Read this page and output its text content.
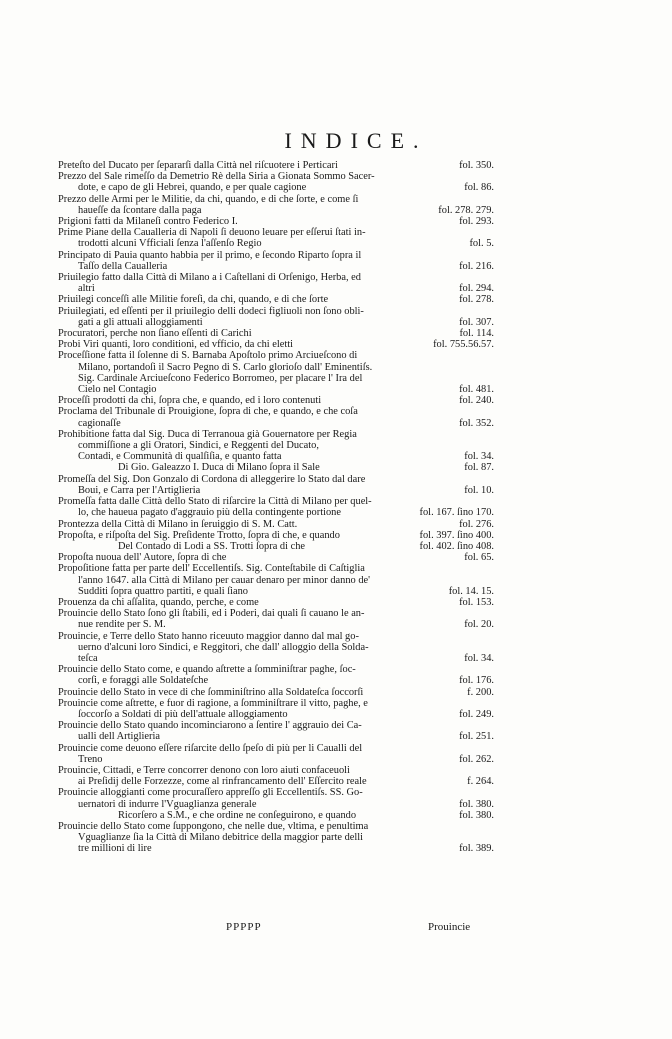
INDICE.
Preteſto del Ducato per ſepararſi dalla Città nel riſcuotere i Perticari	fol. 350.
Prezzo del Sale rimeſſo da Demetrio Rè della Siria a Gionata Sommo Sacer-
dote, e capo de gli Hebrei, quando, e per quale cagione	fol. 86.
Prezzo delle Armi per le Militie, da chi, quando, e di che ſorte, e come ſi
haueſſe da ſcontare dalla paga	fol. 278. 279.
Prigioni fatti da Milaneſi contro Federico I.	fol. 293.
Prime Piane della Caualleria di Napoli ſi deuono leuare per eſſerui ſtati in-
trodotti alcuni Vfficiali ſenza l'aſſenſo Regio	fol. 5.
Principato di Pauia quanto habbia per il primo, e ſecondo Riparto ſopra il
Taſſo della Caualleria	fol. 216.
Priuilegio fatto dalla Città di Milano a i Caſtellani di Orſenigo, Herba, ed
altri	fol. 294.
Priuilegi conceſſi alle Militie foreſi, da chi, quando, e di che ſorte	fol. 278.
Priuilegiati, ed eſſenti per il priuilegio delli dodeci figliuoli non ſono obli-
gati a gli attuali alloggiamenti	fol. 307.
Procuratori, perche non ſiano eſſenti di Carichi	fol. 114.
Probi Viri quanti, loro conditioni, ed vfficio, da chi eletti	fol. 755.56.57.
Proceſſione fatta il ſolenne di S. Barnaba Apoſtolo primo Arciueſcono di
Milano, portandoſi il Sacro Pegno di S. Carlo glorioſo dall' Eminentiſs.
Sig. Cardinale Arciueſcono Federico Borromeo, per placare l' Ira del
Cielo nel Contagio	fol. 481.
Proceſſi prodotti da chi, ſopra che, e quando, ed i loro contenuti	fol. 240.
Proclama del Tribunale di Prouigione, ſopra di che, e quando, e che coſa
cagionaſſe	fol. 352.
Prohibitione fatta dal Sig. Duca di Terranoua già Gouernatore per Regia
commiſſione a gli Oratori, Sindici, e Reggenti del Ducato,
Contadi, e Communità di qualſiſia, e quanto fatta	fol. 34.
Di Gio. Galeazzo I. Duca di Milano ſopra il Sale	fol. 87.
Promeſſa del Sig. Don Gonzalo di Cordona di alleggerire lo Stato dal dare
Boui, e Carra per l'Artiglieria	fol. 10.
Promeſſa fatta dalle Città dello Stato di riſarcire la Città di Milano per quel-
lo, che haueua pagato d'aggrauio più della contingente portione	fol. 167. ſino 170.
Prontezza della Città di Milano in ſeruiggio di S. M. Catt.	fol. 276.
Propoſta, e riſpoſta del Sig. Preſidente Trotto, ſopra di che, e quando	fol. 397. ſino 400.
Del Contado di Lodi a SS. Trotti ſopra di che	fol. 402. ſino 408.
Propoſta nuoua dell' Autore, ſopra di che	fol. 65.
Propoſitione fatta per parte dell' Eccellentiſs. Sig. Conteſtabile di Caſtiglia
l'anno 1647. alla Città di Milano per cauar denaro per minor danno de'
Sudditi ſopra quattro partiti, e quali ſiano	fol. 14. 15.
Prouenza da chi aſſalita, quando, perche, e come	fol. 153.
Prouincie dello Stato ſono gli ſtabili, ed i Poderi, dai quali ſi cauano le an-
nue rendite per S. M.	fol. 20.
Prouincie, e Terre dello Stato hanno riceuuto maggior danno dal mal go-
uerno d'alcuni loro Sindici, e Reggitori, che dall' alloggio della Solda-
teſca	fol. 34.
Prouincie dello Stato come, e quando aſtrette a ſomminiſtrar paghe, ſoc-
corſi, e foraggi alle Soldateſche	fol. 176.
Prouincie dello Stato in vece di che ſomminiſtrino alla Soldateſca ſoccorſi	f. 200.
Prouincie come aſtrette, e fuor di ragione, a ſomminiſtrare il vitto, paghe, e
ſoccorſo a Soldati di più dell'attuale alloggiamento	fol. 249.
Prouincie dello Stato quando incominciarono a ſentire l' aggrauio dei Ca-
ualli dell Artiglieria	fol. 251.
Prouincie come deuono eſſere riſarcite dello ſpeſo di più per li Caualli del
Treno	fol. 262.
Prouincie, Cittadi, e Terre concorrer denono con loro aiuti confaceuoli
ai Preſidij delle Forzezze, come al rinfrancamento dell' Eſſercito reale	f. 264.
Prouincie alloggianti come procuraſſero appreſſo gli Eccellentiſs. SS. Go-
uernatori di indurre l'Vguaglianza generale	fol. 380.
Ricorſero a S.M., e che ordine ne conſeguirono, e quando	fol. 380.
Prouincie dello Stato come ſuppongono, che nelle due, vltima, e penultima
Vguaglianze ſia la Città di Milano debitrice della maggior parte delli
tre millioni di lire	fol. 389.
PPPPP	Prouincie
